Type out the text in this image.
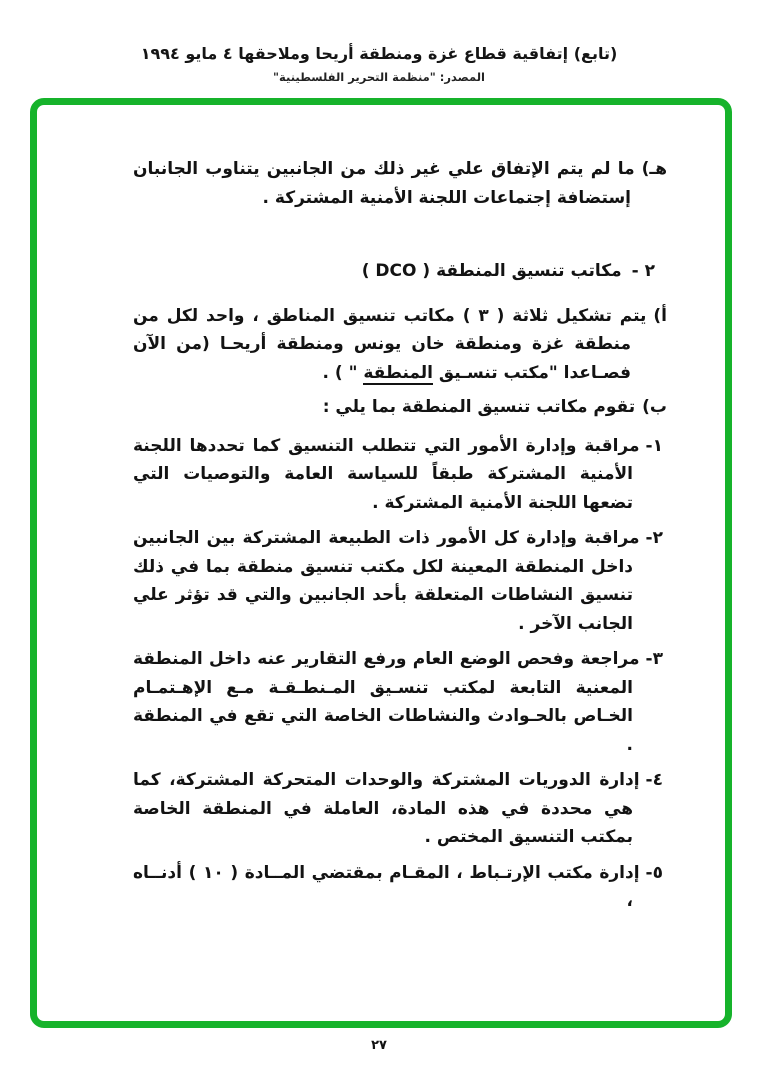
(تابع) إتفاقية قطاع غزة ومنطقة أريحا وملاحقها ٤ مايو ١٩٩٤
المصدر: "منظمة التحرير الفلسطينية"
هـ)ما لم يتم الإتفاق علي غير ذلك من الجانبين يتناوب الجانبان إستضافة إجتماعات اللجنة الأمنية المشتركة .
٢ -مكاتب تنسيق المنطقة ( DCO )
أ)يتم تشكيل ثلاثة ( ٣ ) مكاتب تنسيق المناطق ، واحد لكل من منطقة غزة ومنطقة خان يونس ومنطقة أريحـا (من الآن فصـاعدا "مكتب تنسـيق المنطقة " ) .
ب)تقوم مكاتب تنسيق المنطقة بما يلي :
١-مراقبة وإدارة الأمور التي تتطلب التنسيق كما تحددها اللجنة الأمنية المشتركة طبقاً للسياسة العامة والتوصيات التي تضعها اللجنة الأمنية المشتركة .
٢-مراقبة وإدارة كل الأمور ذات الطبيعة المشتركة بين الجانبين داخل المنطقة المعينة لكل مكتب تنسيق منطقة بما في ذلك تنسيق النشاطات المتعلقة بأحد الجانبين والتي قد تؤثر علي الجانب الآخر .
٣-مراجعة وفحص الوضع العام ورفع التقارير عنه داخل المنطقة المعنية التابعة لمكتب تنسـيق المـنطـقـة مـع الإهـتمـام الخـاص بالحـوادث والنشاطات الخاصة التي تقع في المنطقة .
٤-إدارة الدوريات المشتركة والوحدات المتحركة المشتركة، كما هي محددة في هذه المادة، العاملة في المنطقة الخاصة بمكتب التنسيق المختص .
٥-إدارة مكتب الإرتـباط ، المقـام بمقتضي المــادة ( ١٠ ) أدنــاه ،
٢٧
